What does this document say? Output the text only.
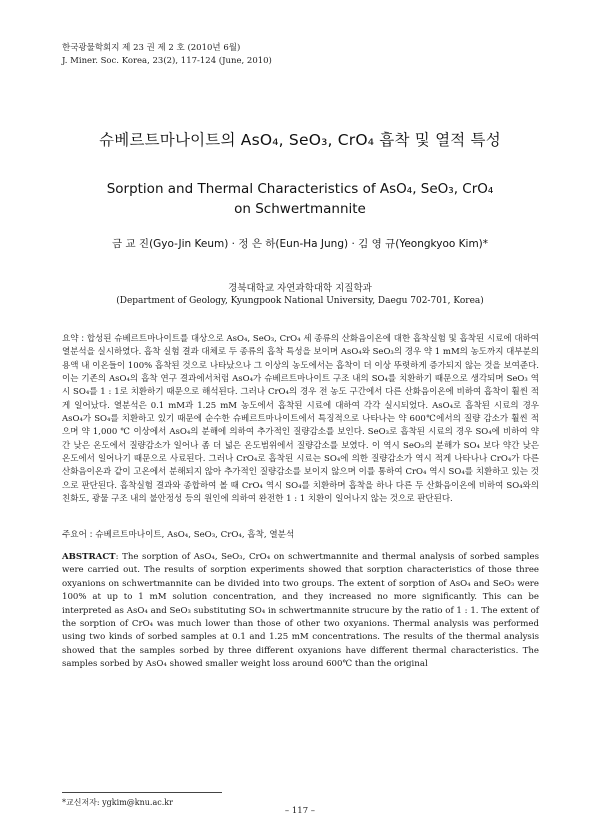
한국광물학회지 제 23 권 제 2 호 (2010년 6월)
J. Miner. Soc. Korea, 23(2), 117-124 (June, 2010)
슈베르트마나이트의 AsO₄, SeO₃, CrO₄ 흡착 및 열적 특성
Sorption and Thermal Characteristics of AsO₄, SeO₃, CrO₄
on Schwertmannite
금 교 진(Gyo-Jin Keum) · 정 은 하(Eun-Ha Jung) · 김 영 규(Yeongkyoo Kim)*
경북대학교 자연과학대학 지질학과
(Department of Geology, Kyungpook National University, Daegu 702-701, Korea)
요약 : 합성된 슈베르트마나이트를 대상으로 AsO₄, SeO₃, CrO₄ 세 종류의 산화음이온에 대한 흡착실험 및 흡착된 시료에 대하여 열분석을 실시하였다. 흡착 실험 결과 대체로 두 종류의 흡착 특성을 보이며 AsO₄와 SeO₃의 경우 약 1 mM의 농도까지 대부분의 용액 내 이온들이 100% 흡착된 것으로 나타났으나 그 이상의 농도에서는 흡착이 더 이상 뚜렷하게 증가되지 않는 것을 보여준다. 이는 기존의 AsO₄의 흡착 연구 결과에서처럼 AsO₄가 슈베르트마나이트 구조 내의 SO₄를 치환하기 때문으로 생각되며 SeO₃ 역시 SO₄를 1 : 1로 치환하기 때문으로 해석된다. 그러나 CrO₄의 경우 전 농도 구간에서 다른 산화음이온에 비하여 흡착이 훨씬 적게 일어났다. 열분석은 0.1 mM과 1.25 mM 농도에서 흡착된 시료에 대하여 각각 실시되었다. AsO₄로 흡착된 시료의 경우 AsO₄가 SO₄를 치환하고 있기 때문에 순수한 슈베르트마나이트에서 특징적으로 나타나는 약 600℃에서의 질량 감소가 훨씬 적으며 약 1,000 ℃ 이상에서 AsO₄의 분해에 의하여 추가적인 질량감소를 보인다. SeO₃로 흡착된 시료의 경우 SO₄에 비하여 약간 낮은 온도에서 질량감소가 일어나 좀 더 넓은 온도범위에서 질량감소를 보였다. 이 역시 SeO₃의 분해가 SO₄ 보다 약간 낮은 온도에서 일어나기 때문으로 사료된다. 그러나 CrO₄로 흡착된 시료는 SO₄에 의한 질량감소가 역시 적게 나타나나 CrO₄가 다른 산화음이온과 같이 고온에서 분해되지 않아 추가적인 질량감소를 보이지 않으며 이를 통하여 CrO₄ 역시 SO₄를 치환하고 있는 것으로 판단된다. 흡착실험 결과와 종합하여 볼 때 CrO₄ 역시 SO₄를 치환하며 흡착을 하나 다른 두 산화음이온에 비하여 SO₄와의 친화도, 광물 구조 내의 불안정성 등의 원인에 의하여 완전한 1 : 1 치환이 일어나지 않는 것으로 판단된다.
주요어 : 슈베르트마나이트, AsO₄, SeO₃, CrO₄, 흡착, 열분석
ABSTRACT: The sorption of AsO₄, SeO₃, CrO₄ on schwertmannite and thermal analysis of sorbed samples were carried out. The results of sorption experiments showed that sorption characteristics of those three oxyanions on schwertmannite can be divided into two groups. The extent of sorption of AsO₄ and SeO₃ were 100% at up to 1 mM solution concentration, and they increased no more significantly. This can be interpreted as AsO₄ and SeO₃ substituting SO₄ in schwertmannite strucure by the ratio of 1 : 1. The extent of the sorption of CrO₄ was much lower than those of other two oxyanions. Thermal analysis was performed using two kinds of sorbed samples at 0.1 and 1.25 mM concentrations. The results of the thermal analysis showed that the samples sorbed by three different oxyanions have different thermal characteristics. The samples sorbed by AsO₄ showed smaller weight loss around 600℃ than the original
*교신저자: ygkim@knu.ac.kr
– 117 –
